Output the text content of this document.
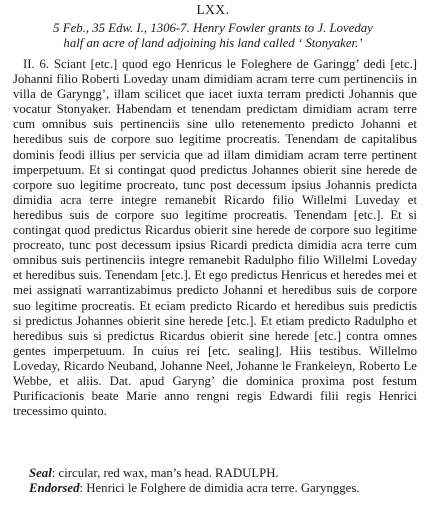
LXX.
5 Feb., 35 Edw. I., 1306-7. Henry Fowler grants to J. Loveday
half an acre of land adjoining his land called ‘ Stonyaker.’

II. 6. Sciant [etc.] quod ego Henricus le Foleghere de Garingg’ dedi [etc.] Johanni filio Roberti Loveday unam dimidiam acram terre cum pertinenciis in villa de Garyngg’, illam scilicet que iacet iuxta terram predicti Johannis que vocatur Stonyaker. Habendam et tenendam predictam dimidiam acram terre cum omnibus suis pertinenciis sine ullo retenemento predicto Johanni et heredibus suis de corpore suo legitime procreatis. Tenendam de capitalibus dominis feodi illius per servicia que ad illam dimidiam acram terre pertinent imperpetuum. Et si contingat quod predictus Johannes obierit sine herede de corpore suo legitime procreato, tunc post decessum ipsius Johannis predicta dimidia acra terre integre remanebit Ricardo filio Willelmi Luveday et heredibus suis de corpore suo legitime procreatis. Tenendam [etc.]. Et si contingat quod predictus Ricardus obierit sine herede de corpore suo legitime procreato, tunc post decessum ipsius Ricardi predicta dimidia acra terre cum omnibus suis pertinenciis integre remanebit Radulpho filio Willelmi Loveday et heredibus suis. Tenendam [etc.]. Et ego predictus Henricus et heredes mei et mei assignati warrantizabimus predicto Johanni et heredibus suis de corpore suo legitime procreatis. Et eciam predicto Ricardo et heredibus suis predictis si predictus Johannes obierit sine herede [etc.]. Et etiam predicto Radulpho et heredibus suis si predictus Ricardus obierit sine herede [etc.] contra omnes gentes imperpetuum. In cuius rei [etc. sealing]. Hiis testibus. Willelmo Loveday, Ricardo Neuband, Johanne Neel, Johanne le Frankeleyn, Roberto Le Webbe, et aliis. Dat. apud Garyng’ die dominica proxima post festum Purificacionis beate Marie anno rengni regis Edwardi filii regis Henrici trecessimo quinto.

Seal: circular, red wax, man’s head. RADULPH.
Endorsed: Henrici le Folghere de dimidia acra terre. Garyngges.
